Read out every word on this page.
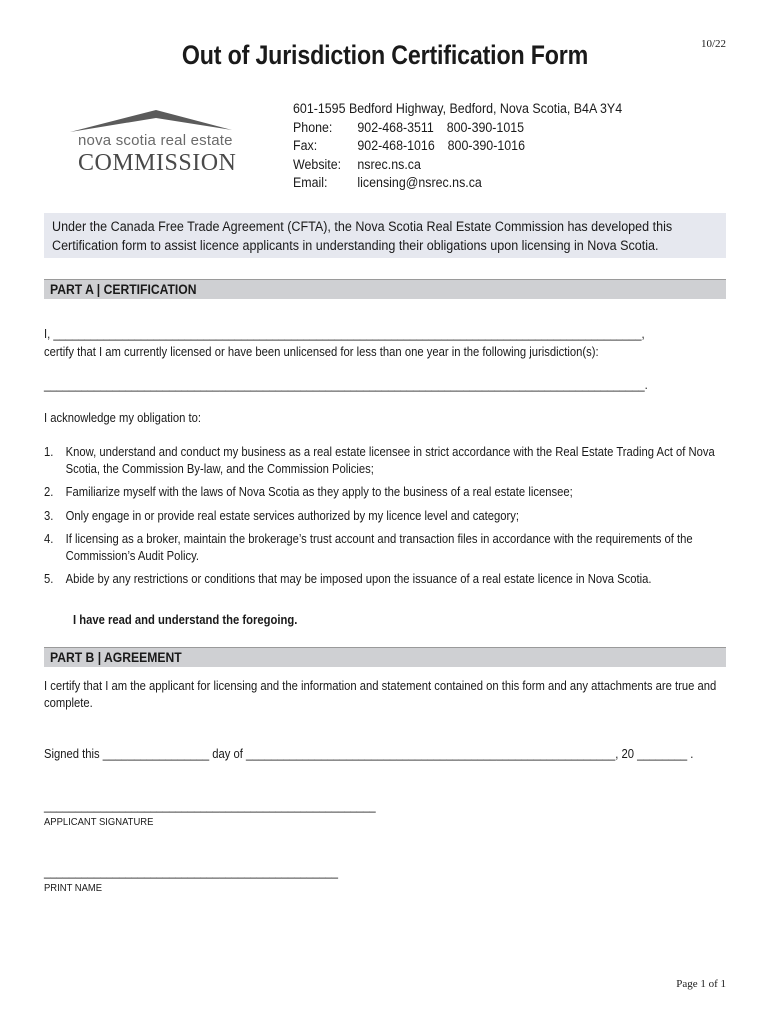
10/22
Out of Jurisdiction Certification Form
nova scotia real estate
COMMISSION
601-1595 Bedford Highway, Bedford, Nova Scotia, B4A 3Y4
Phone: 902-468-3511 800-390-1015
Fax:	902-468-1016 800-390-1016
Website: nsrec.ns.ca
Email: licensing@nsrec.ns.ca
Under the Canada Free Trade Agreement (CFTA), the Nova Scotia Real Estate Commission has developed this
Certification form to assist licence applicants in understanding their obligations upon licensing in Nova Scotia.
PART A | CERTIFICATION
I, ______________________________________________________________________________________________,
certify that I am currently licensed or have been unlicensed for less than one year in the following jurisdiction(s):
________________________________________________________________________________________________.
I acknowledge my obligation to:
1. Know, understand and conduct my business as a real estate licensee in strict accordance with the Real Estate Trading Act of Nova
Scotia, the Commission By-law, and the Commission Policies;
2. Familiarize myself with the laws of Nova Scotia as they apply to the business of a real estate licensee;
3. Only engage in or provide real estate services authorized by my licence level and category;
4. If licensing as a broker, maintain the brokerage’s trust account and transaction files in accordance with the requirements of the
Commission’s Audit Policy.
5. Abide by any restrictions or conditions that may be imposed upon the issuance of a real estate licence in Nova Scotia.
I have read and understand the foregoing.
PART B | AGREEMENT
I certify that I am the applicant for licensing and the information and statement contained on this form and any attachments are true and
complete.
Signed this _________________ day of ___________________________________________________________, 20 ________ .
_____________________________________________________
APPLICANT SIGNATURE
_______________________________________________
PRINT NAME
Page 1 of 1
